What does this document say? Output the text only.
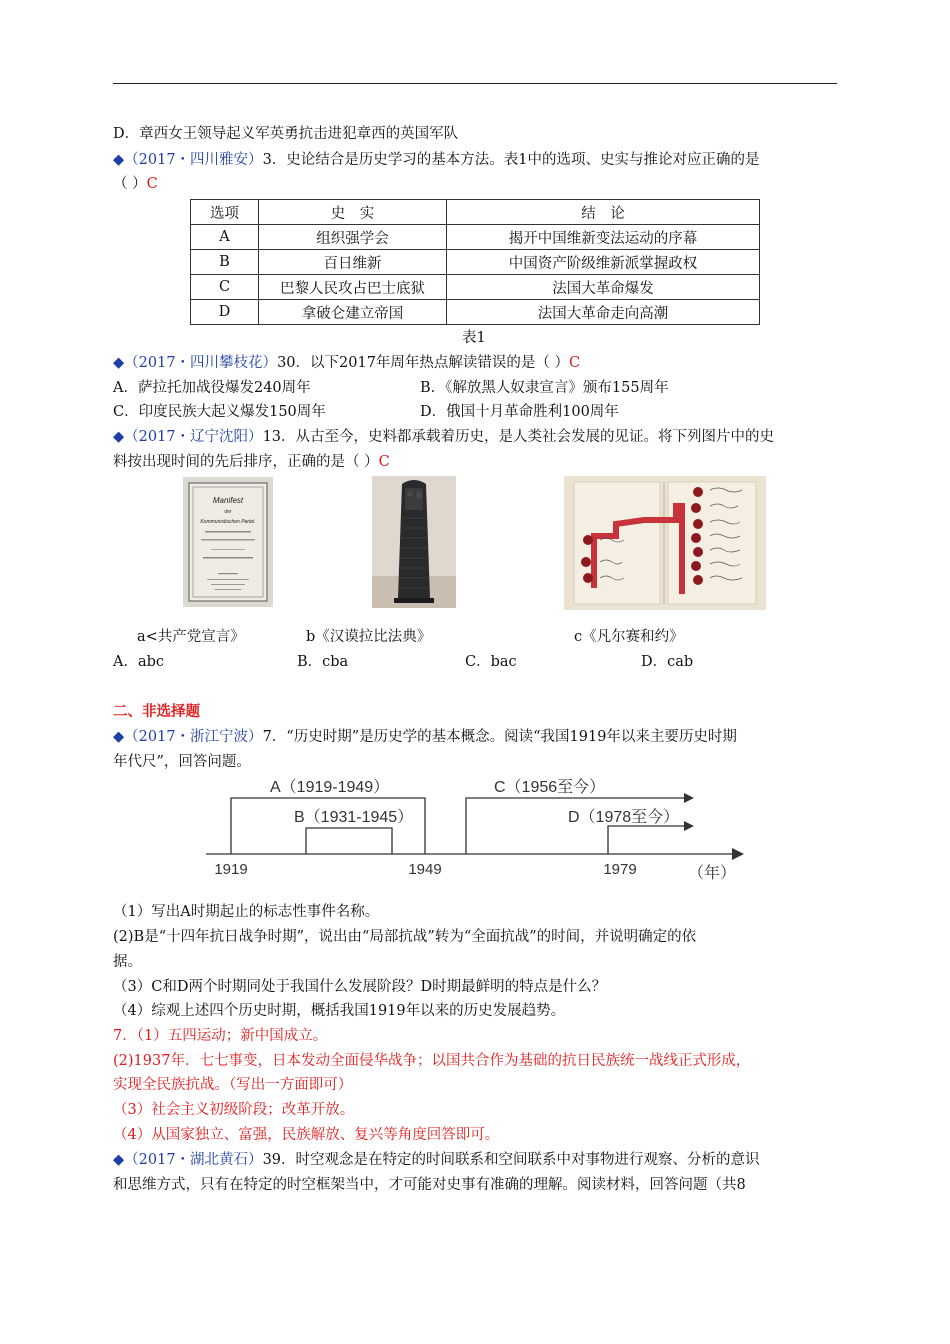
D．章西女王领导起义军英勇抗击进犯章西的英国军队
◆（2017・四川雅安）3．史论结合是历史学习的基本方法。表1中的选项、史实与推论对应正确的是
（ ）C
选项	史　实	结　论
A	组织强学会	揭开中国维新变法运动的序幕
B	百日维新	中国资产阶级维新派掌握政权
C	巴黎人民攻占巴士底狱	法国大革命爆发
D	拿破仑建立帝国	法国大革命走向高潮
表1
◆（2017・四川攀枝花）30．以下2017年周年热点解读错误的是（ ）C
A．萨拉托加战役爆发240周年	B．《解放黑人奴隶宣言》颁布155周年
C．印度民族大起义爆发150周年	D．俄国十月革命胜利100周年
◆（2017・辽宁沈阳）13．从古至今，史料都承载着历史，是人类社会发展的见证。将下列图片中的史
料按出现时间的先后排序，正确的是（ ）C
Manifest
der
Kommunistischen Partei.
a<共产党宣言》	b《汉谟拉比法典》	c《凡尔赛和约》
A．abc	B．cba	C．bac	D．cab
二、非选择题
◆（2017・浙江宁波）7．“历史时期”是历史学的基本概念。阅读“我国1919年以来主要历史时期
年代尺”，回答问题。
A（1919-1949）
B（1931-1945）
C（1956至今）
D（1978至今）
1919	1949	1979	（年）
（1）写出A时期起止的标志性事件名称。
(2)B是“十四年抗日战争时期”，说出由“局部抗战”转为“全面抗战”的时间，并说明确定的依
据。
（3）C和D两个时期同处于我国什么发展阶段？D时期最鲜明的特点是什么？
（4）综观上述四个历史时期，概括我国1919年以来的历史发展趋势。
7．（1）五四运动；新中国成立。
(2)1937年．七七事变，日本发动全面侵华战争；以国共合作为基础的抗日民族统一战线正式形成，
实现全民族抗战。（写出一方面即可）
（3）社会主义初级阶段；改革开放。
（4）从国家独立、富强，民族解放、复兴等角度回答即可。
◆（2017・湖北黄石）39．时空观念是在特定的时间联系和空间联系中对事物进行观察、分析的意识
和思维方式，只有在特定的时空框架当中，才可能对史事有准确的理解。阅读材料，回答问题（共8
